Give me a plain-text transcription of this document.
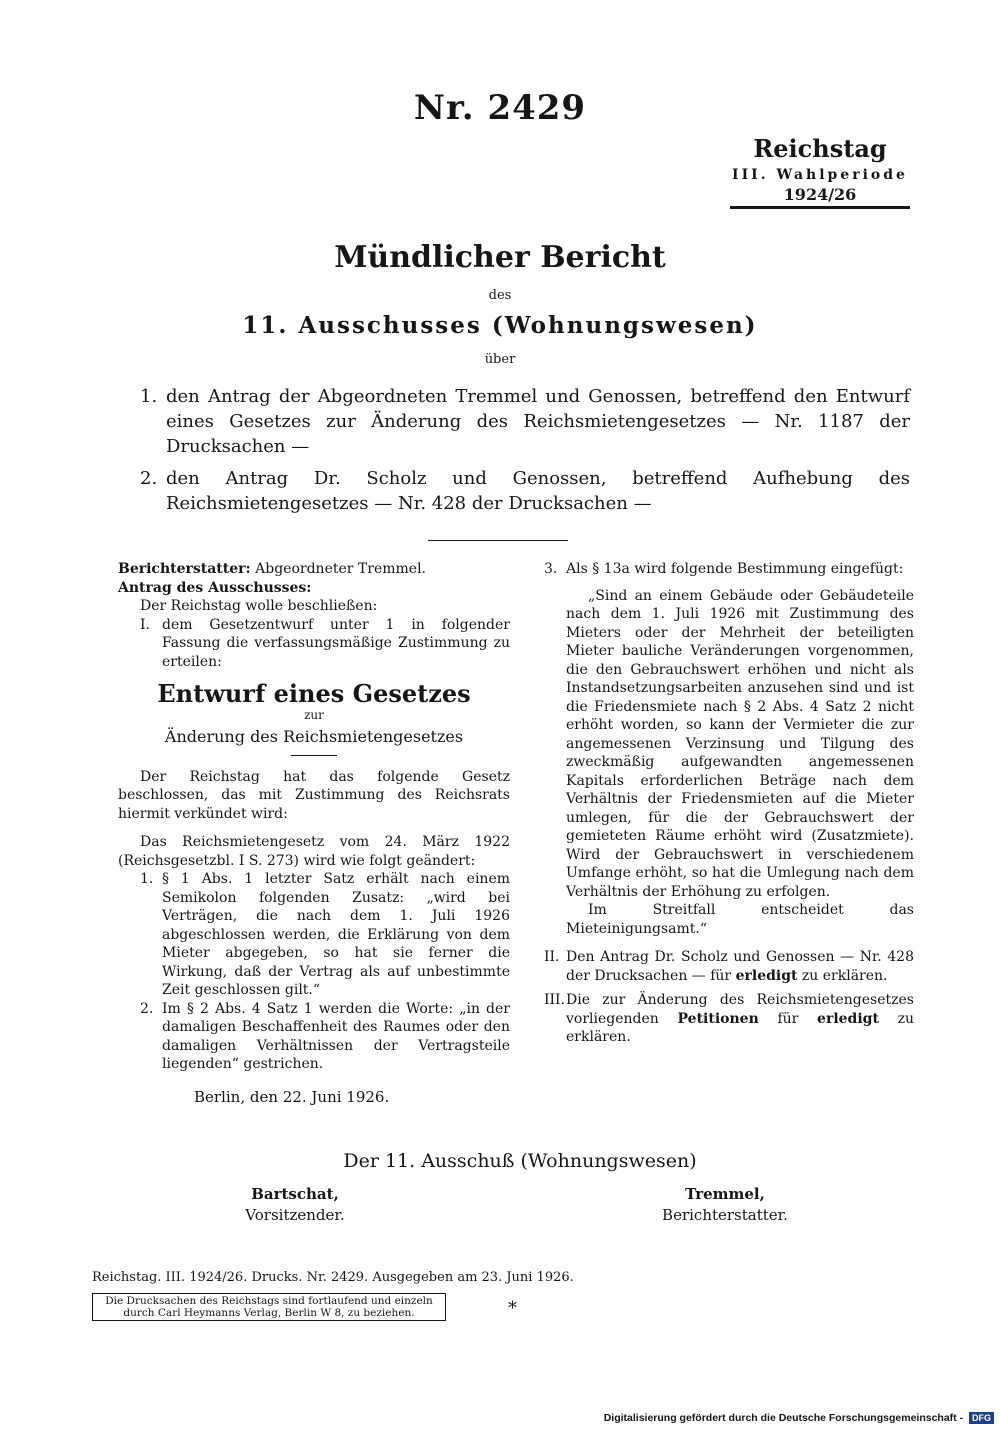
Nr. 2429
Reichstag
III. Wahlperiode
1924/26
Mündlicher Bericht
des
11. Ausschusses (Wohnungswesen)
über
1. den Antrag der Abgeordneten Tremmel und Genossen, betreffend den Entwurf eines Gesetzes zur Änderung des Reichsmietengesetzes — Nr. 1187 der Drucksachen —
2. den Antrag Dr. Scholz und Genossen, betreffend Aufhebung des Reichsmietengesetzes — Nr. 428 der Drucksachen —

Berichterstatter: Abgeordneter Tremmel.

Antrag des Ausschusses:

Der Reichstag wolle beschließen:

I. dem Gesetzentwurf unter 1 in folgender Fassung die verfassungsmäßige Zustimmung zu erteilen:

Entwurf eines Gesetzes
zur
Änderung des Reichsmietengesetzes

Der Reichstag hat das folgende Gesetz beschlossen, das mit Zustimmung des Reichsrats hiermit verkündet wird:

Das Reichsmietengesetz vom 24. März 1922 (Reichsgesetzbl. I S. 273) wird wie folgt geändert:

1. § 1 Abs. 1 letzter Satz erhält nach einem Semikolon folgenden Zusatz: „wird bei Verträgen, die nach dem 1. Juli 1926 abgeschlossen werden, die Erklärung von dem Mieter abgegeben, so hat sie ferner die Wirkung, daß der Vertrag als auf unbestimmte Zeit geschlossen gilt.“

2. Im § 2 Abs. 4 Satz 1 werden die Worte: „in der damaligen Beschaffenheit des Raumes oder den damaligen Verhältnissen der Vertragsteile liegenden“ gestrichen.

Berlin, den 22. Juni 1926.

3. Als § 13a wird folgende Bestimmung eingefügt:

„Sind an einem Gebäude oder Gebäudeteile nach dem 1. Juli 1926 mit Zustimmung des Mieters oder der Mehrheit der beteiligten Mieter bauliche Veränderungen vorgenommen, die den Gebrauchswert erhöhen und nicht als Instandsetzungsarbeiten anzusehen sind und ist die Friedensmiete nach § 2 Abs. 4 Satz 2 nicht erhöht worden, so kann der Vermieter die zur angemessenen Verzinsung und Tilgung des zweckmäßig aufgewandten angemessenen Kapitals erforderlichen Beträge nach dem Verhältnis der Friedensmieten auf die Mieter umlegen, für die der Gebrauchswert der gemieteten Räume erhöht wird (Zusatzmiete). Wird der Gebrauchswert in verschiedenem Umfange erhöht, so hat die Umlegung nach dem Verhältnis der Erhöhung zu erfolgen.

Im Streitfall entscheidet das Mieteinigungsamt.“

II. Den Antrag Dr. Scholz und Genossen — Nr. 428 der Drucksachen — für erledigt zu erklären.

III. Die zur Änderung des Reichsmietengesetzes vorliegenden Petitionen für erledigt zu erklären.

Der 11. Ausschuß (Wohnungswesen)
Bartschat,
Vorsitzender.
Tremmel,
Berichterstatter.
Reichstag. III. 1924/26. Drucks. Nr. 2429. Ausgegeben am 23. Juni 1926.
Die Drucksachen des Reichstags sind fortlaufend und einzeln durch Carl Heymanns Verlag, Berlin W 8, zu beziehen.	*
Digitalisierung gefördert durch die Deutsche Forschungsgemeinschaft - DFG
